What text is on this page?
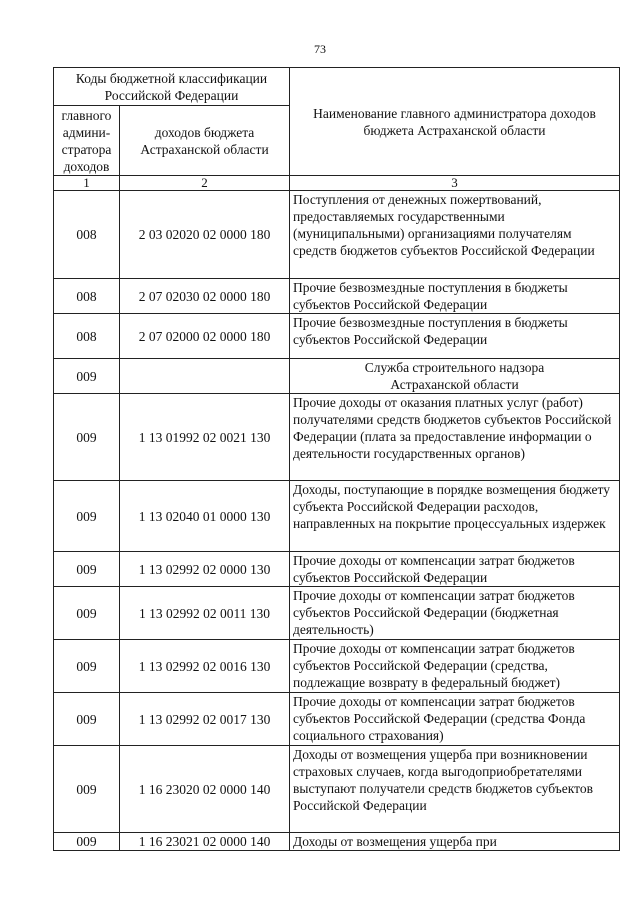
73
Коды бюджетной классификации Российской Федерации		Наименование главного администратора доходов бюджета Астраханской области
главного админи-стратора доходов	доходов бюджета Астраханской области	
1	2	3
008	2 03 02020 02 0000 180	Поступления от денежных пожертвований, предоставляемых государственными (муниципальными) организациями получателям средств бюджетов субъектов Российской Федерации
008	2 07 02030 02 0000 180	Прочие безвозмездные поступления в бюджеты субъектов Российской Федерации
008	2 07 02000 02 0000 180	Прочие безвозмездные поступления в бюджеты субъектов Российской Федерации
009		Служба строительного надзора Астраханской области
009	1 13 01992 02 0021 130	Прочие доходы от оказания платных услуг (работ) получателями средств бюджетов субъектов Российской Федерации (плата за предоставление информации о деятельности государственных органов)
009	1 13 02040 01 0000 130	Доходы, поступающие в порядке возмещения бюджету субъекта Российской Федерации расходов, направленных на покрытие процессуальных издержек
009	1 13 02992 02 0000 130	Прочие доходы от компенсации затрат бюджетов субъектов Российской Федерации
009	1 13 02992 02 0011 130	Прочие доходы от компенсации затрат бюджетов субъектов Российской Федерации (бюджетная деятельность)
009	1 13 02992 02 0016 130	Прочие доходы от компенсации затрат бюджетов субъектов Российской Федерации (средства, подлежащие возврату в федеральный бюджет)
009	1 13 02992 02 0017 130	Прочие доходы от компенсации затрат бюджетов субъектов Российской Федерации (средства Фонда социального страхования)
009	1 16 23020 02 0000 140	Доходы от возмещения ущерба при возникновении страховых случаев, когда выгодоприобретателями выступают получатели средств бюджетов субъектов Российской Федерации
009	1 16 23021 02 0000 140	Доходы от возмещения ущерба при
